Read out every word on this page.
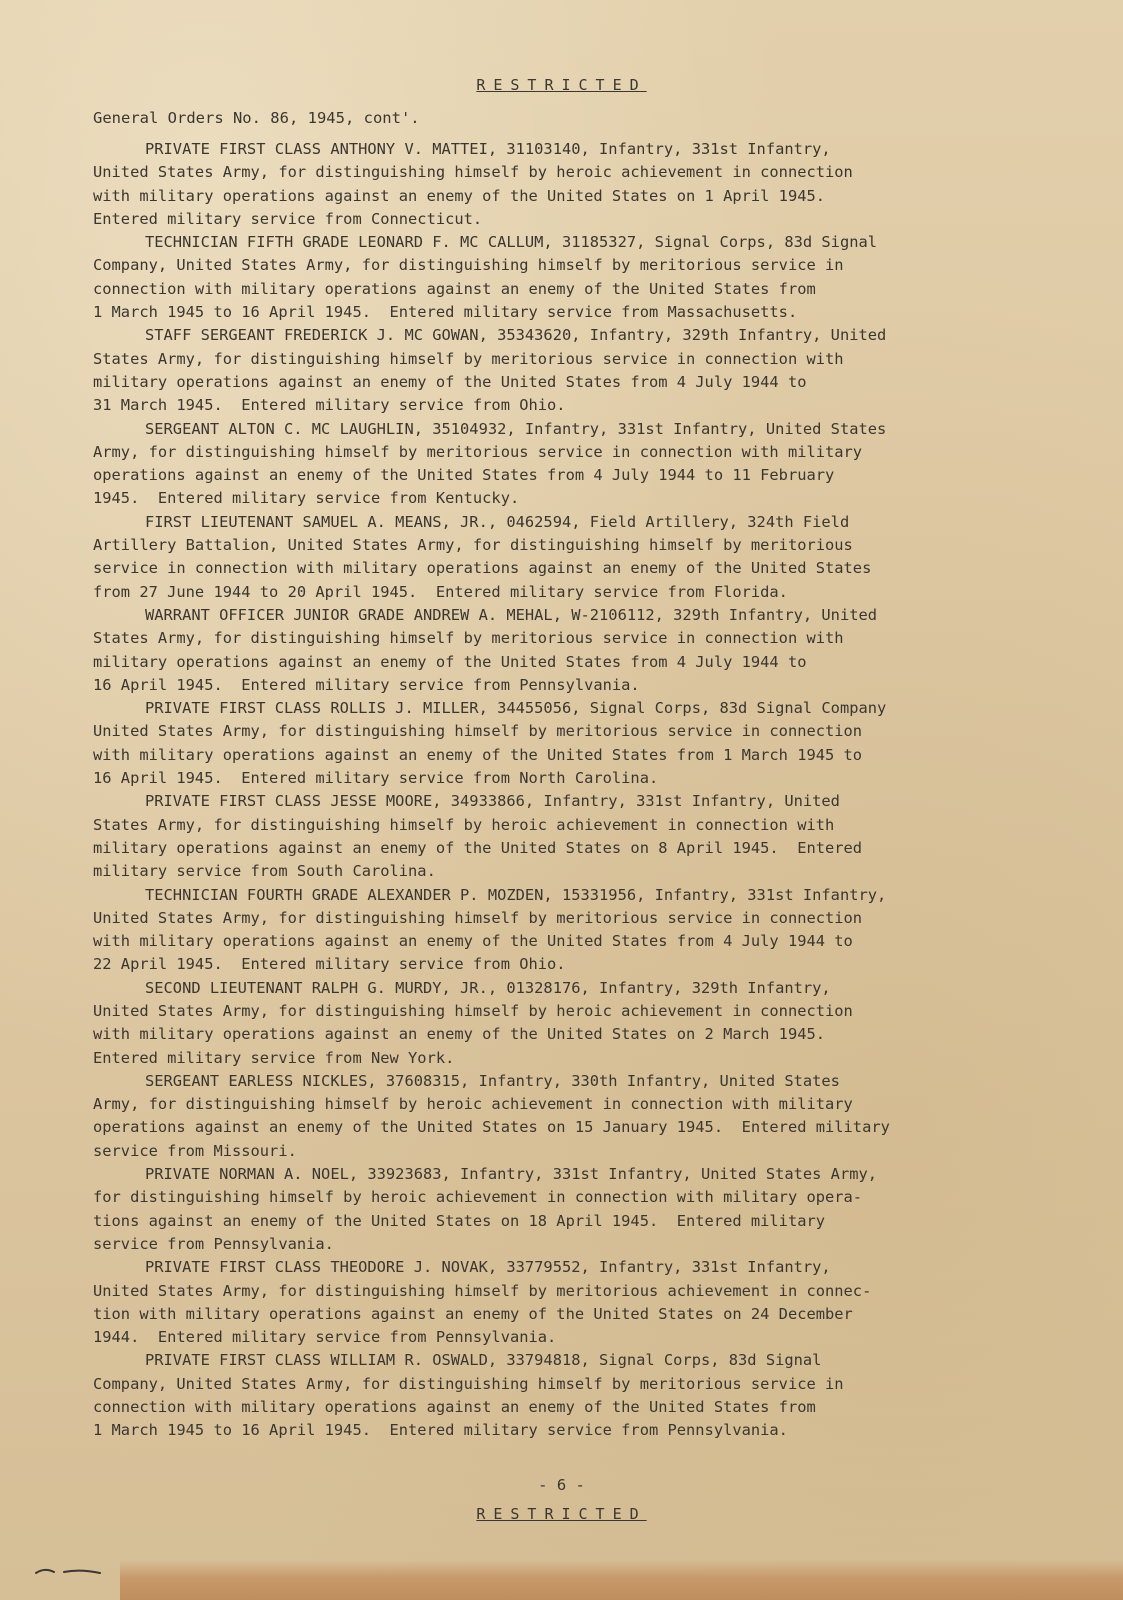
RESTRICTED
General Orders No. 86, 1945, cont'.
PRIVATE FIRST CLASS ANTHONY V. MATTEI, 31103140, Infantry, 331st Infantry,
United States Army, for distinguishing himself by heroic achievement in connection
with military operations against an enemy of the United States on 1 April 1945.
Entered military service from Connecticut.
TECHNICIAN FIFTH GRADE LEONARD F. MC CALLUM, 31185327, Signal Corps, 83d Signal
Company, United States Army, for distinguishing himself by meritorious service in
connection with military operations against an enemy of the United States from
1 March 1945 to 16 April 1945.  Entered military service from Massachusetts.
STAFF SERGEANT FREDERICK J. MC GOWAN, 35343620, Infantry, 329th Infantry, United
States Army, for distinguishing himself by meritorious service in connection with
military operations against an enemy of the United States from 4 July 1944 to
31 March 1945.  Entered military service from Ohio.
SERGEANT ALTON C. MC LAUGHLIN, 35104932, Infantry, 331st Infantry, United States
Army, for distinguishing himself by meritorious service in connection with military
operations against an enemy of the United States from 4 July 1944 to 11 February
1945.  Entered military service from Kentucky.
FIRST LIEUTENANT SAMUEL A. MEANS, JR., 0462594, Field Artillery, 324th Field
Artillery Battalion, United States Army, for distinguishing himself by meritorious
service in connection with military operations against an enemy of the United States
from 27 June 1944 to 20 April 1945.  Entered military service from Florida.
WARRANT OFFICER JUNIOR GRADE ANDREW A. MEHAL, W-2106112, 329th Infantry, United
States Army, for distinguishing himself by meritorious service in connection with
military operations against an enemy of the United States from 4 July 1944 to
16 April 1945.  Entered military service from Pennsylvania.
PRIVATE FIRST CLASS ROLLIS J. MILLER, 34455056, Signal Corps, 83d Signal Company
United States Army, for distinguishing himself by meritorious service in connection
with military operations against an enemy of the United States from 1 March 1945 to
16 April 1945.  Entered military service from North Carolina.
PRIVATE FIRST CLASS JESSE MOORE, 34933866, Infantry, 331st Infantry, United
States Army, for distinguishing himself by heroic achievement in connection with
military operations against an enemy of the United States on 8 April 1945.  Entered
military service from South Carolina.
TECHNICIAN FOURTH GRADE ALEXANDER P. MOZDEN, 15331956, Infantry, 331st Infantry,
United States Army, for distinguishing himself by meritorious service in connection
with military operations against an enemy of the United States from 4 July 1944 to
22 April 1945.  Entered military service from Ohio.
SECOND LIEUTENANT RALPH G. MURDY, JR., 01328176, Infantry, 329th Infantry,
United States Army, for distinguishing himself by heroic achievement in connection
with military operations against an enemy of the United States on 2 March 1945.
Entered military service from New York.
SERGEANT EARLESS NICKLES, 37608315, Infantry, 330th Infantry, United States
Army, for distinguishing himself by heroic achievement in connection with military
operations against an enemy of the United States on 15 January 1945.  Entered military
service from Missouri.
PRIVATE NORMAN A. NOEL, 33923683, Infantry, 331st Infantry, United States Army,
for distinguishing himself by heroic achievement in connection with military opera-
tions against an enemy of the United States on 18 April 1945.  Entered military
service from Pennsylvania.
PRIVATE FIRST CLASS THEODORE J. NOVAK, 33779552, Infantry, 331st Infantry,
United States Army, for distinguishing himself by meritorious achievement in connec-
tion with military operations against an enemy of the United States on 24 December
1944.  Entered military service from Pennsylvania.
PRIVATE FIRST CLASS WILLIAM R. OSWALD, 33794818, Signal Corps, 83d Signal
Company, United States Army, for distinguishing himself by meritorious service in
connection with military operations against an enemy of the United States from
1 March 1945 to 16 April 1945.  Entered military service from Pennsylvania.
- 6 -
RESTRICTED
